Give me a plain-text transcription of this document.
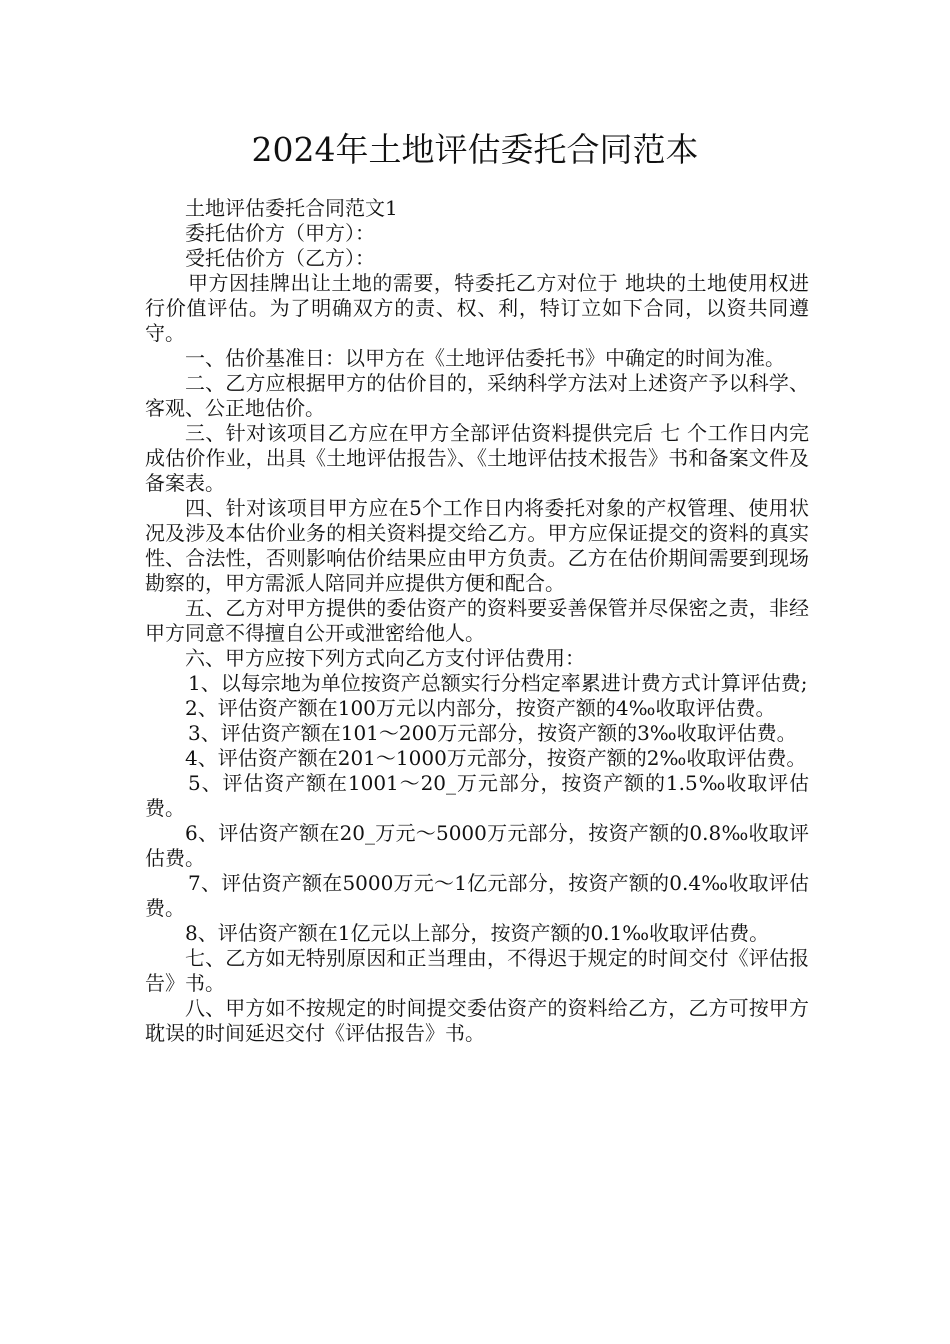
2024年土地评估委托合同范本

土地评估委托合同范文1

委托估价方（甲方）：

受托估价方（乙方）：

甲方因挂牌出让土地的需要，特委托乙方对位于 地块的土地使用权进行价值评估。为了明确双方的责、权、利，特订立如下合同，以资共同遵守。

一、估价基准日：以甲方在《土地评估委托书》中确定的时间为准。

二、乙方应根据甲方的估价目的，采纳科学方法对上述资产予以科学、客观、公正地估价。

三、针对该项目乙方应在甲方全部评估资料提供完后 七 个工作日内完成估价作业，出具《土地评估报告》、《土地评估技术报告》书和备案文件及备案表。

四、针对该项目甲方应在5个工作日内将委托对象的产权管理、使用状况及涉及本估价业务的相关资料提交给乙方。甲方应保证提交的资料的真实性、合法性，否则影响估价结果应由甲方负责。乙方在估价期间需要到现场勘察的，甲方需派人陪同并应提供方便和配合。

五、乙方对甲方提供的委估资产的资料要妥善保管并尽保密之责，非经甲方同意不得擅自公开或泄密给他人。

六、甲方应按下列方式向乙方支付评估费用：

1、以每宗地为单位按资产总额实行分档定率累进计费方式计算评估费;

2、评估资产额在100万元以内部分，按资产额的4‰收取评估费。

3、评估资产额在101～200万元部分，按资产额的3‰收取评估费。

4、评估资产额在201～1000万元部分，按资产额的2‰收取评估费。

5、评估资产额在1001～20_万元部分，按资产额的1.5‰收取评估费。

6、评估资产额在20_万元～5000万元部分，按资产额的0.8‰收取评估费。

7、评估资产额在5000万元～1亿元部分，按资产额的0.4‰收取评估费。

8、评估资产额在1亿元以上部分，按资产额的0.1‰收取评估费。

七、乙方如无特别原因和正当理由，不得迟于规定的时间交付《评估报告》书。

八、甲方如不按规定的时间提交委估资产的资料给乙方，乙方可按甲方耽误的时间延迟交付《评估报告》书。
